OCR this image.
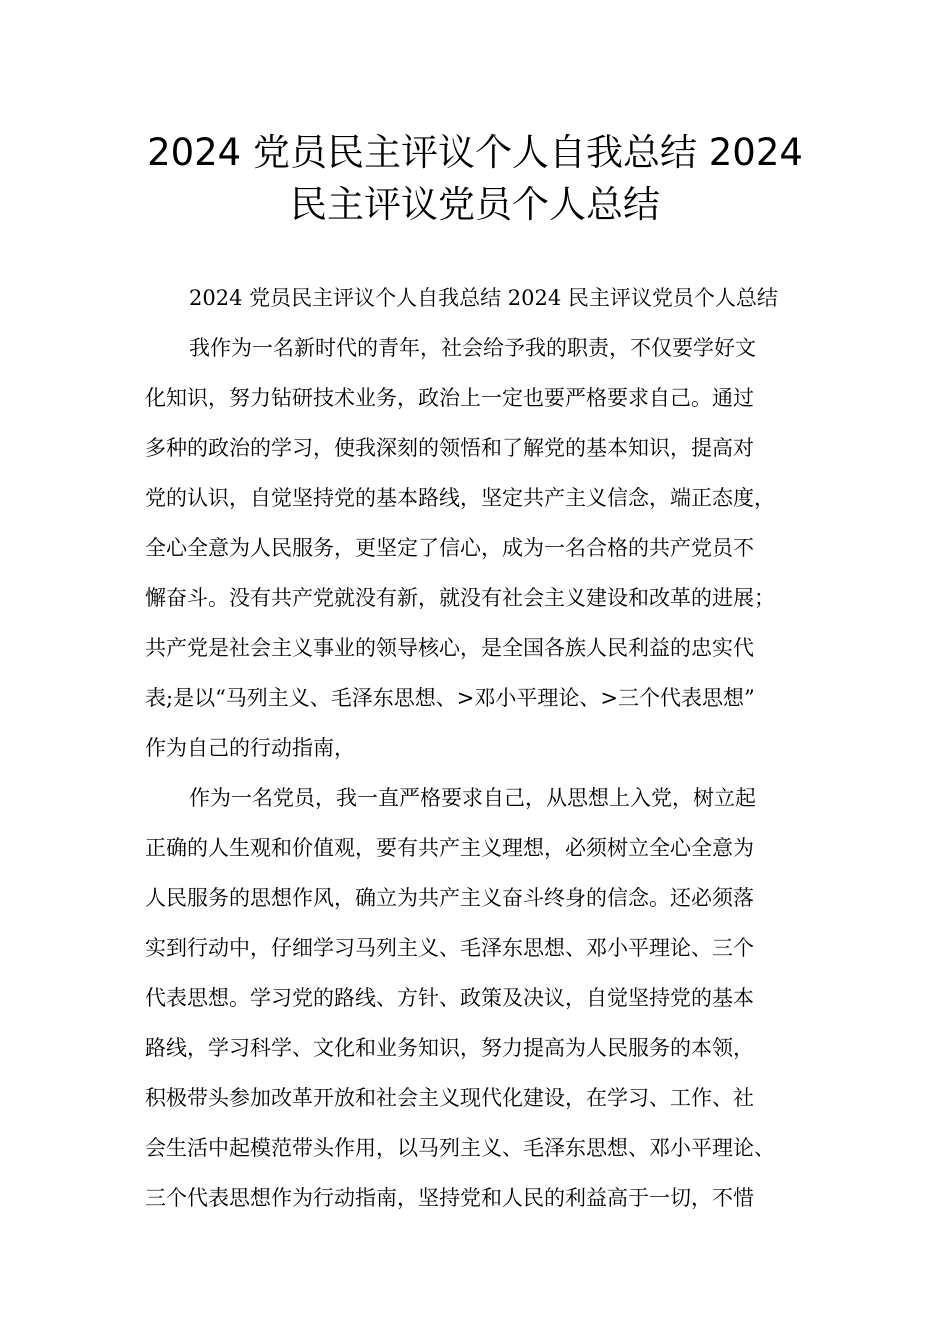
2024 党员民主评议个人自我总结 2024
民主评议党员个人总结
2024 党员民主评议个人自我总结 2024 民主评议党员个人总结
我作为一名新时代的青年，社会给予我的职责，不仅要学好文
化知识，努力钻研技术业务，政治上一定也要严格要求自己。通过
多种的政治的学习，使我深刻的领悟和了解党的基本知识，提高对
党的认识，自觉坚持党的基本路线，坚定共产主义信念，端正态度，
全心全意为人民服务，更坚定了信心，成为一名合格的共产党员不
懈奋斗。没有共产党就没有新，就没有社会主义建设和改革的进展；
共产党是社会主义事业的领导核心，是全国各族人民利益的忠实代
表;是以“马列主义、毛泽东思想、>邓小平理论、>三个代表思想”
作为自己的行动指南，
作为一名党员，我一直严格要求自己，从思想上入党，树立起
正确的人生观和价值观，要有共产主义理想，必须树立全心全意为
人民服务的思想作风，确立为共产主义奋斗终身的信念。还必须落
实到行动中，仔细学习马列主义、毛泽东思想、邓小平理论、三个
代表思想。学习党的路线、方针、政策及决议，自觉坚持党的基本
路线，学习科学、文化和业务知识，努力提高为人民服务的本领，
积极带头参加改革开放和社会主义现代化建设，在学习、工作、社
会生活中起模范带头作用，以马列主义、毛泽东思想、邓小平理论、
三个代表思想作为行动指南，坚持党和人民的利益高于一切，不惜
